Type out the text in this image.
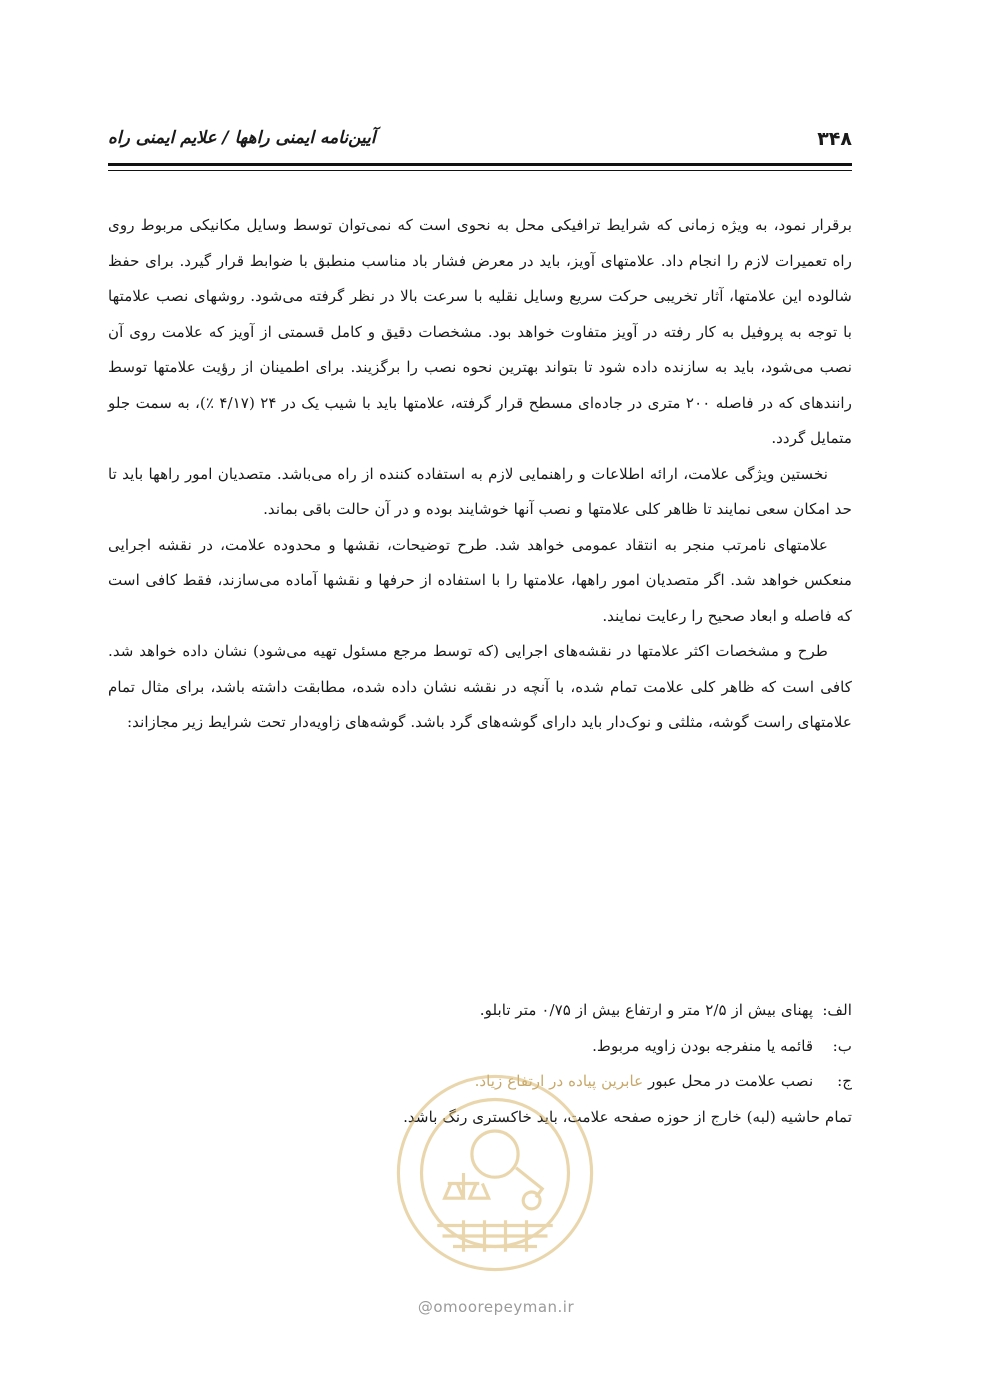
۳۴۸
آیین‌نامه ایمنی راهها / علایم ایمنی راه

برقرار نمود، به ویژه زمانی که شرایط ترافیکی محل به نحوی است که نمی‌توان توسط وسایل مکانیکی مربوط روی راه تعمیرات لازم را انجام داد. علامتهای آویز، باید در معرض فشار باد مناسب منطبق با ضوابط قرار گیرد. برای حفظ شالوده این علامتها، آثار تخریبی حرکت سریع وسایل نقلیه با سرعت بالا در نظر گرفته می‌شود. روشهای نصب علامتها با توجه به پروفیل به کار رفته در آویز متفاوت خواهد بود. مشخصات دقیق و کامل قسمتی از آویز که علامت روی آن نصب می‌شود، باید به سازنده داده شود تا بتواند بهترین نحوه نصب را برگزیند. برای اطمینان از رؤیت علامتها توسط رانندهای که در فاصله ۲۰۰ متری در جاده‌ای مسطح قرار گرفته، علامتها باید با شیب یک در ۲۴ (۴/۱۷ ٪)، به سمت جلو متمایل گردد.

نخستین ویژگی علامت، ارائه اطلاعات و راهنمایی لازم به استفاده کننده از راه می‌باشد. متصدیان امور راهها باید تا حد امکان سعی نمایند تا ظاهر کلی علامتها و نصب آنها خوشایند بوده و در آن حالت باقی بماند.

علامتهای نامرتب منجر به انتقاد عمومی خواهد شد. طرح توضیحات، نقشها و محدوده علامت، در نقشه اجرایی منعکس خواهد شد. اگر متصدیان امور راهها، علامتها را با استفاده از حرفها و نقشها آماده می‌سازند، فقط کافی است که فاصله و ابعاد صحیح را رعایت نمایند.

طرح و مشخصات اکثر علامتها در نقشه‌های اجرایی (که توسط مرجع مسئول تهیه می‌شود) نشان داده خواهد شد. کافی است که ظاهر کلی علامت تمام شده، با آنچه در نقشه نشان داده شده، مطابقت داشته باشد، برای مثال تمام علامتهای راست گوشه، مثلثی و نوک‌دار باید دارای گوشه‌های گرد باشد. گوشه‌های زاویه‌دار تحت شرایط زیر مجازاند:

الف: پهنای بیش از ۲/۵ متر و ارتفاع بیش از ۰/۷۵ متر تابلو.
ب: قائمه یا منفرجه بودن زاویه مربوط.
ج: نصب علامت در محل عبور عابرین پیاده در ارتفاع زیاد.
تمام حاشیه (لبه) خارج از حوزه صفحه علامت، باید خاکستری رنگ باشد.
@omoorepeyman.ir
